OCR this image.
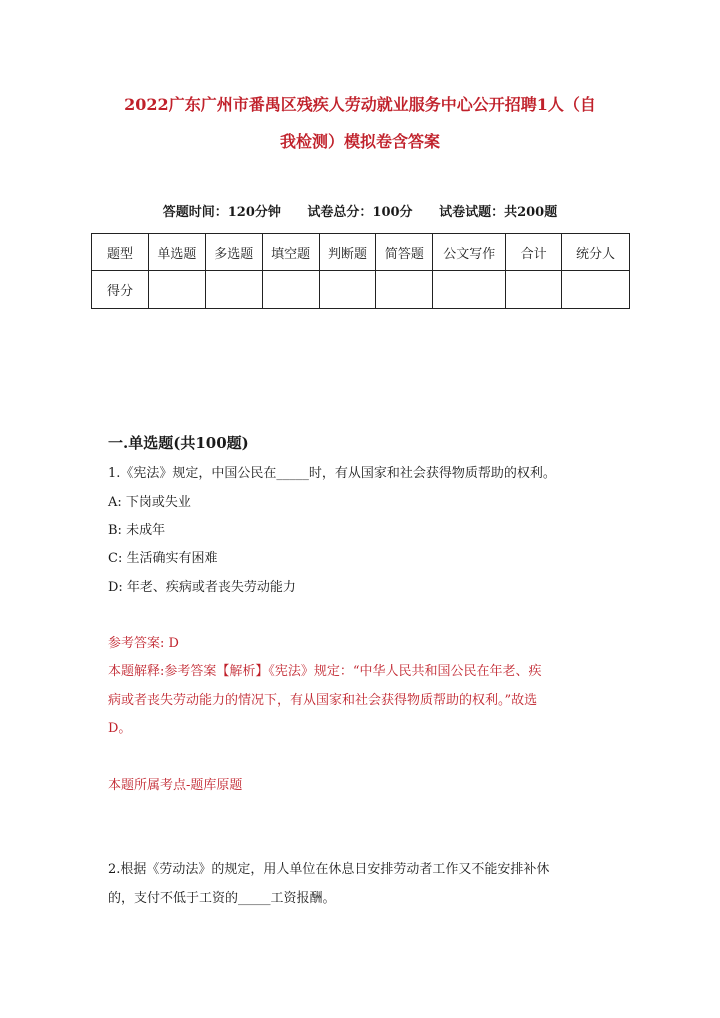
2022广东广州市番禺区残疾人劳动就业服务中心公开招聘1人（自
我检测）模拟卷含答案
答题时间：120分钟 试卷总分：100分 试卷试题：共200题
题型	单选题	多选题	填空题	判断题	简答题	公文写作	合计	统分人
得分								
一.单选题(共100题)
1.《宪法》规定，中国公民在_____时，有从国家和社会获得物质帮助的权利。
A: 下岗或失业
B: 未成年
C: 生活确实有困难
D: 年老、疾病或者丧失劳动能力
参考答案: D
本题解释:参考答案【解析】《宪法》规定：“中华人民共和国公民在年老、疾
病或者丧失劳动能力的情况下，有从国家和社会获得物质帮助的权利。”故选
D。
本题所属考点-题库原题
2.根据《劳动法》的规定，用人单位在休息日安排劳动者工作又不能安排补休
的，支付不低于工资的_____工资报酬。
